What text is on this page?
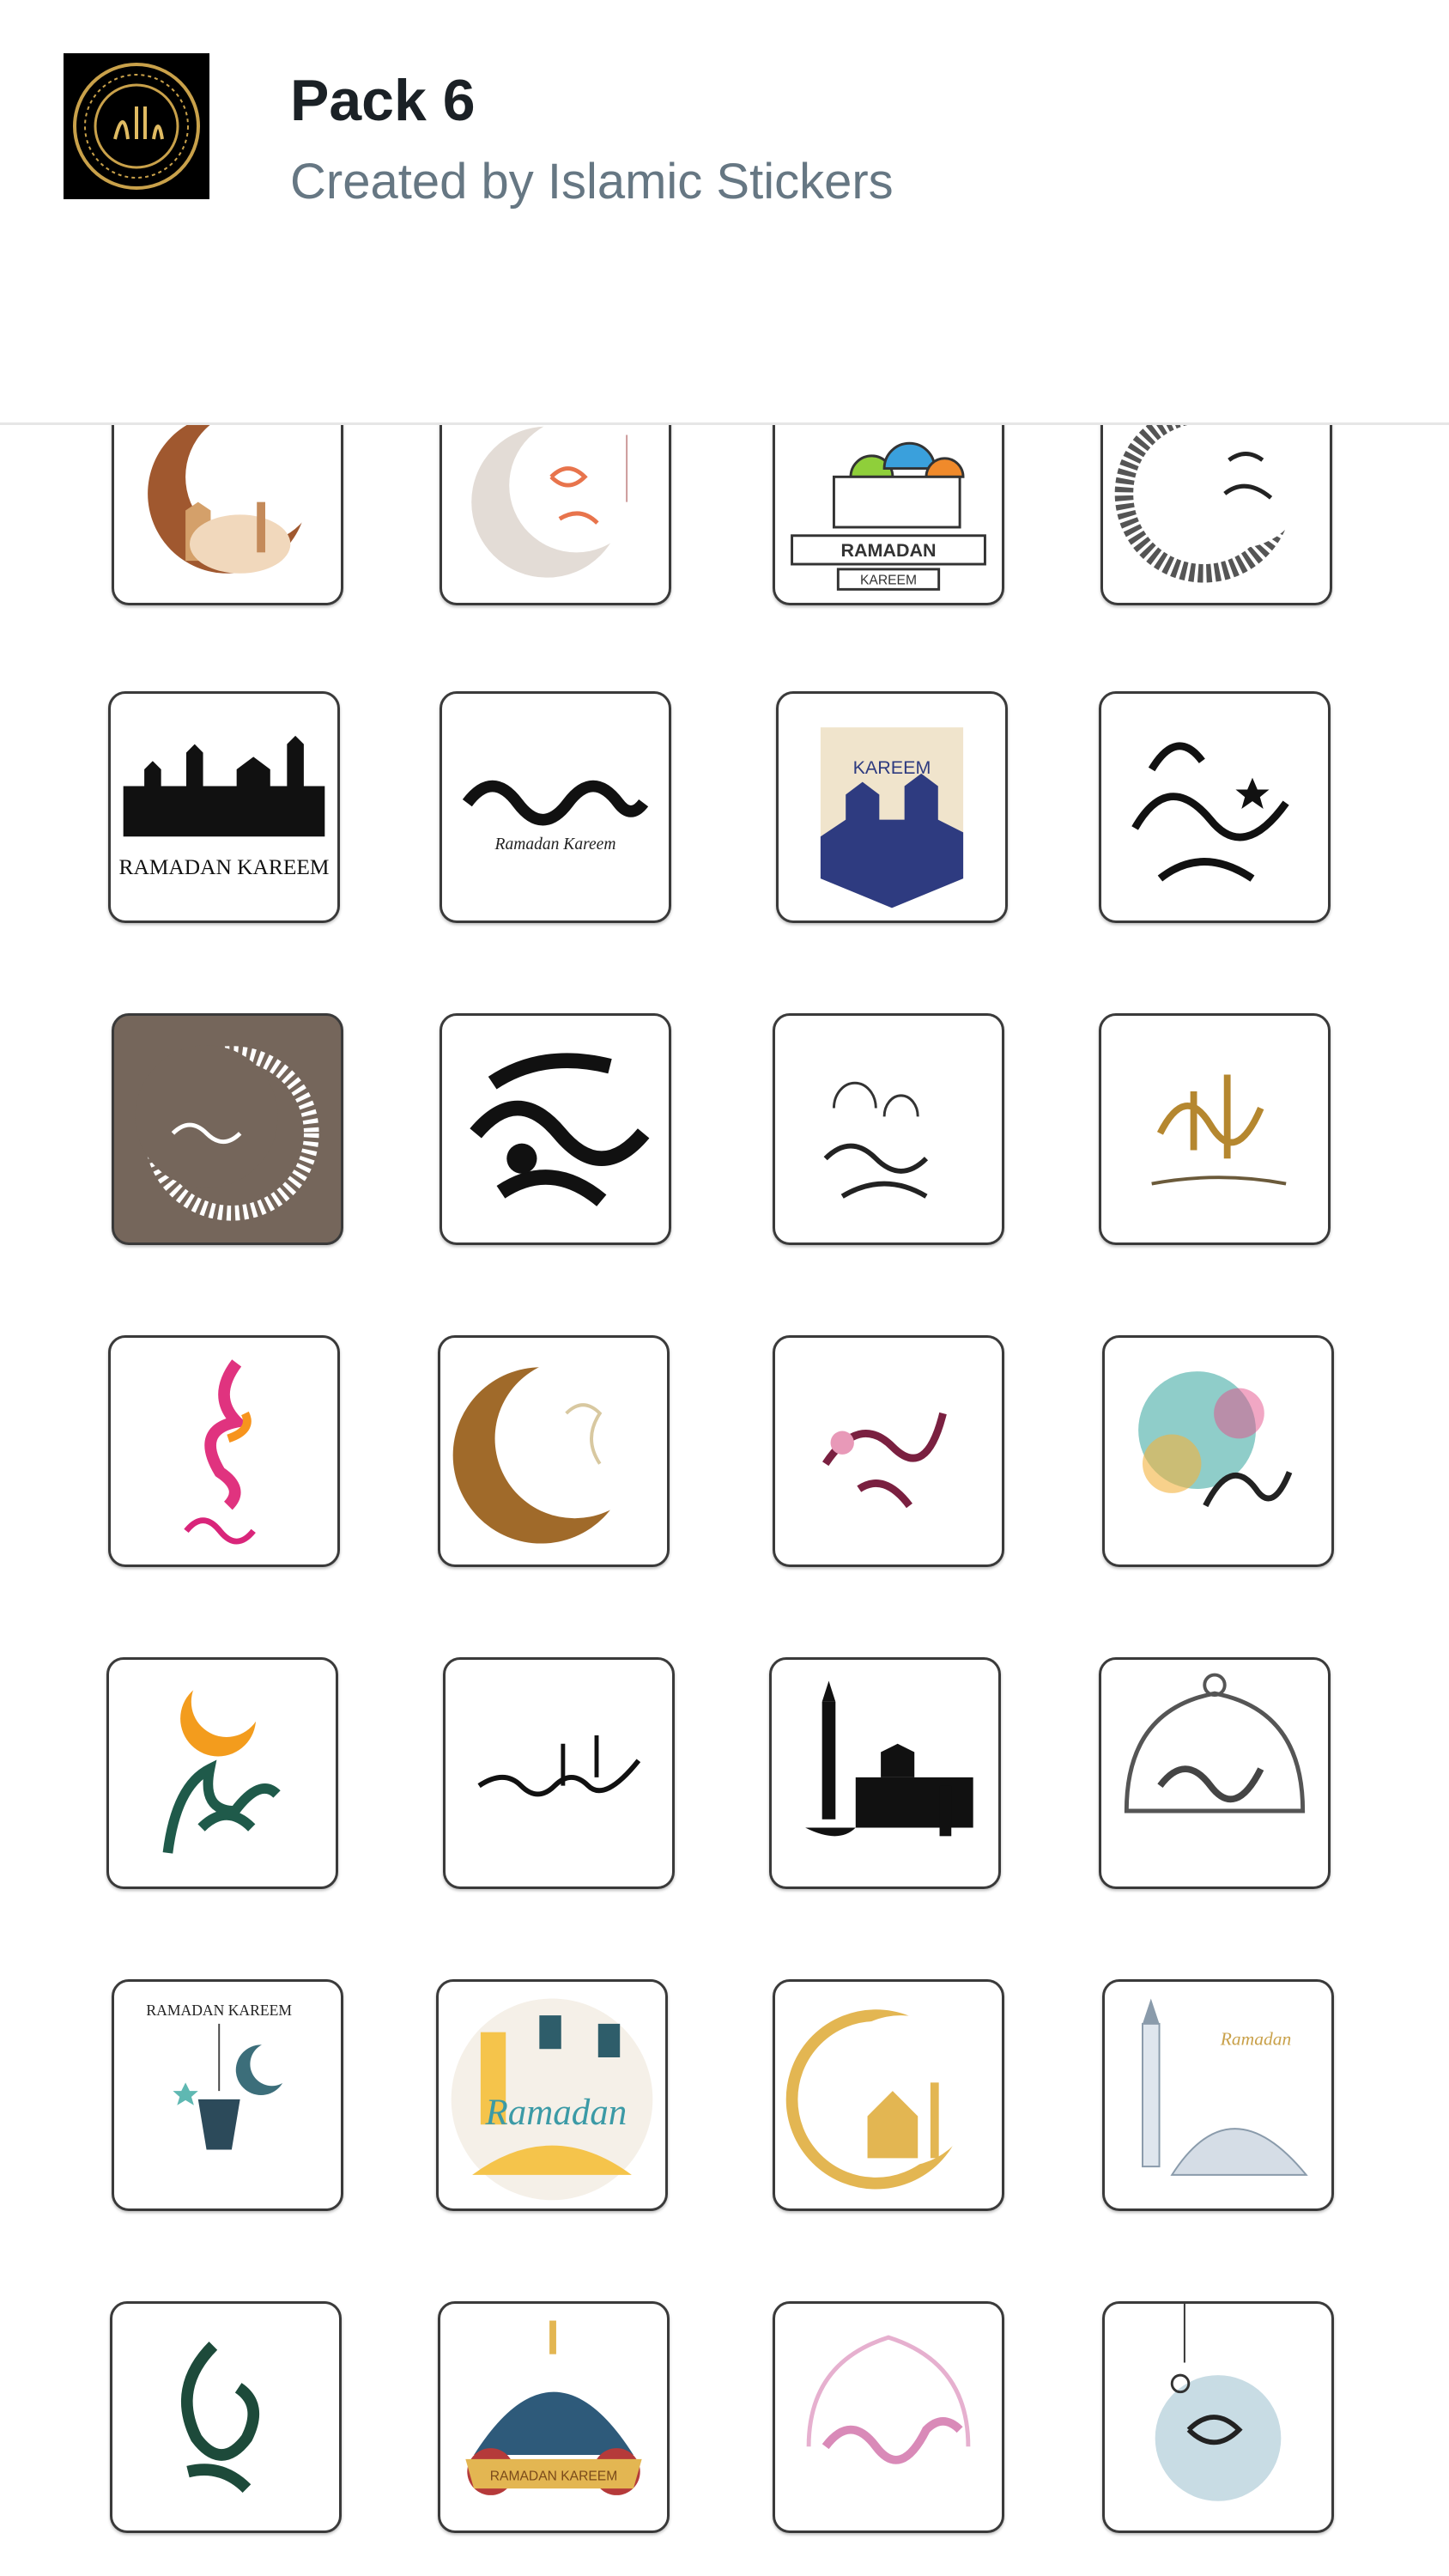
Pack 6
Created by Islamic Stickers
RAMADAN
KAREEM
RAMADAN KAREEM
Ramadan Kareem
KAREEM
RAMADAN KAREEM
Ramadan
Ramadan
RAMADAN KAREEM
